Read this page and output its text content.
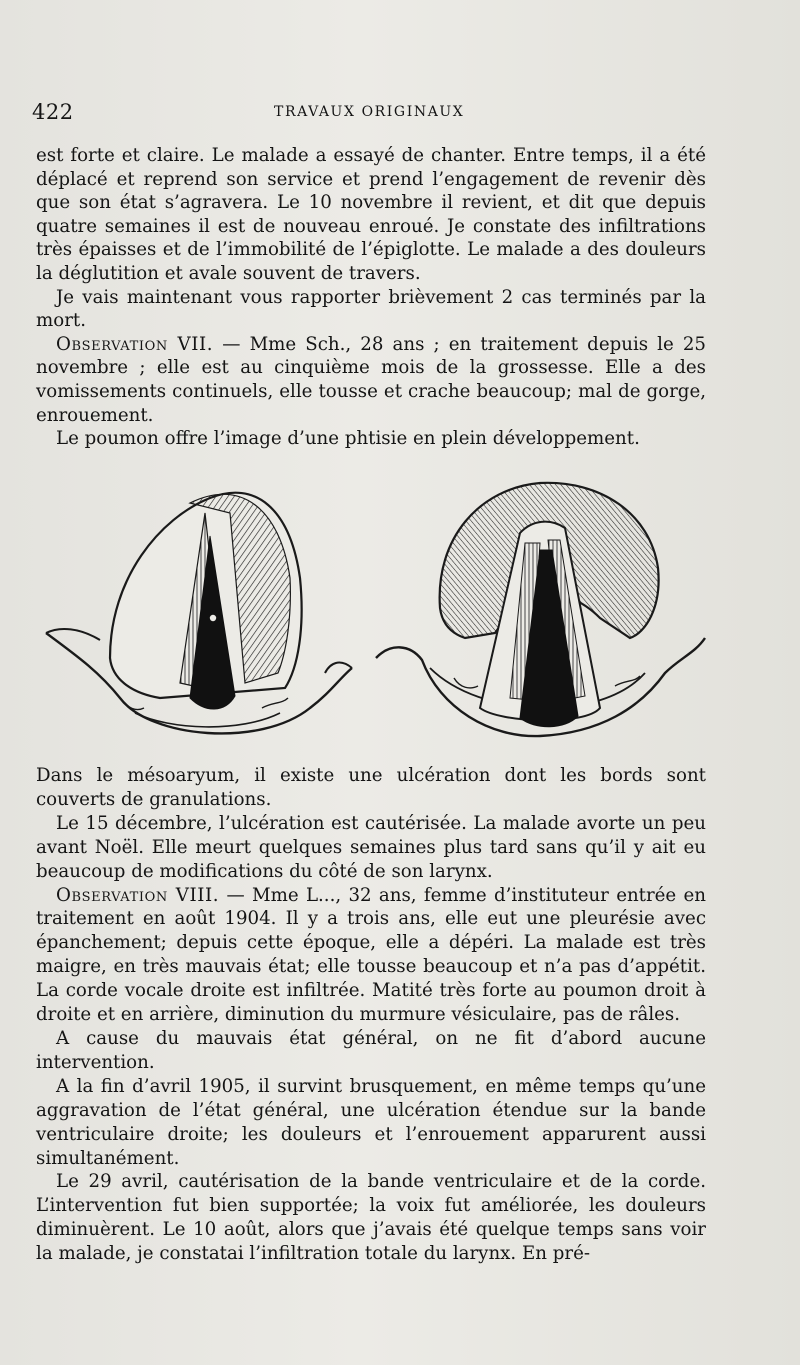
422	TRAVAUX ORIGINAUX

est forte et claire. Le malade a essayé de chanter. Entre temps, il a été déplacé et reprend son service et prend l’engagement de revenir dès que son état s’agravera. Le 10 novembre il revient, et dit que depuis quatre semaines il est de nouveau enroué. Je constate des infiltrations très épaisses et de l’immobilité de l’épiglotte. Le malade a des douleurs la déglutition et avale souvent de travers.

Je vais maintenant vous rapporter brièvement 2 cas terminés par la mort.

Observation VII. — Mme Sch., 28 ans ; en traitement depuis le 25 novembre ; elle est au cinquième mois de la grossesse. Elle a des vomissements continuels, elle tousse et crache beaucoup; mal de gorge, enrouement.

Le poumon offre l’image d’une phtisie en plein développement.

Dans le mésoaryum, il existe une ulcération dont les bords sont couverts de granulations.

Le 15 décembre, l’ulcération est cautérisée. La malade avorte un peu avant Noël. Elle meurt quelques semaines plus tard sans qu’il y ait eu beaucoup de modifications du côté de son larynx.

Observation VIII. — Mme L..., 32 ans, femme d’instituteur entrée en traitement en août 1904. Il y a trois ans, elle eut une pleurésie avec épanchement; depuis cette époque, elle a dépéri. La malade est très maigre, en très mauvais état; elle tousse beaucoup et n’a pas d’appétit. La corde vocale droite est infiltrée. Matité très forte au poumon droit à droite et en arrière, diminution du murmure vésiculaire, pas de râles.

A cause du mauvais état général, on ne fit d’abord aucune intervention.

A la fin d’avril 1905, il survint brusquement, en même temps qu’une aggravation de l’état général, une ulcération étendue sur la bande ventriculaire droite; les douleurs et l’enrouement apparurent aussi simultanément.

Le 29 avril, cautérisation de la bande ventriculaire et de la corde. L’intervention fut bien supportée; la voix fut améliorée, les douleurs diminuèrent. Le 10 août, alors que j’avais été quelque temps sans voir la malade, je constatai l’infiltration totale du larynx. En pré-
